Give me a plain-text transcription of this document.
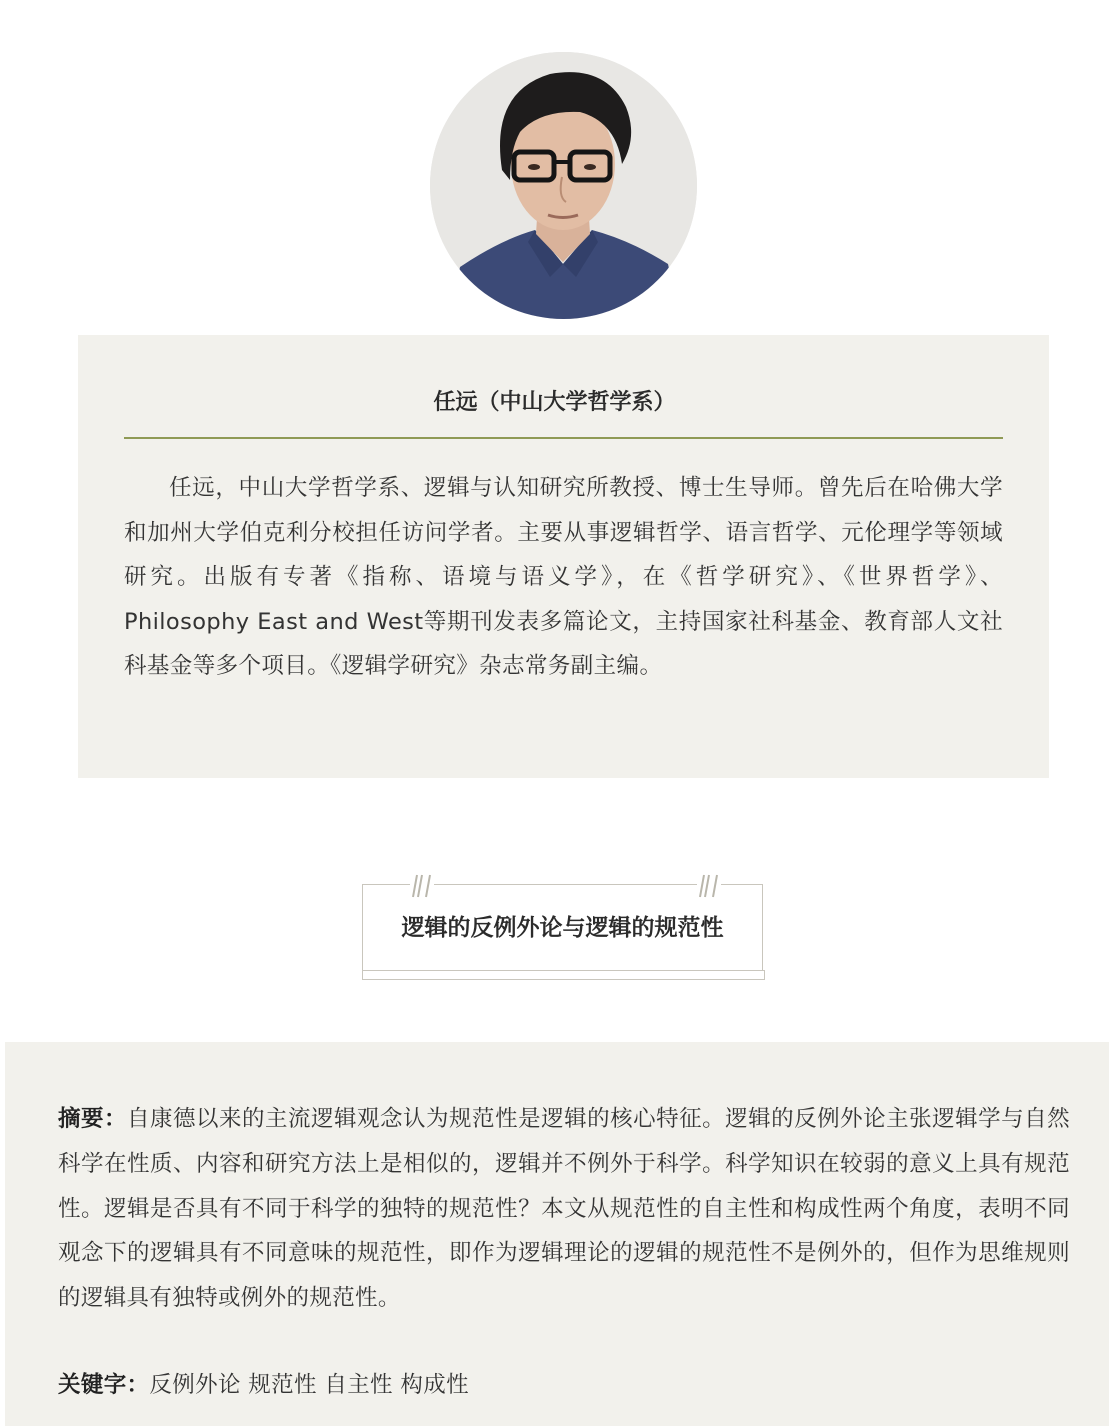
任远（中山大学哲学系）

任远，中山大学哲学系、逻辑与认知研究所教授、博士生导师。曾先后在哈佛大学和加州大学伯克利分校担任访问学者。主要从事逻辑哲学、语言哲学、元伦理学等领域研究。出版有专著《指称、语境与语义学》，在《哲学研究》、《世界哲学》、Philosophy East and West等期刊发表多篇论文，主持国家社科基金、教育部人文社科基金等多个项目。《逻辑学研究》杂志常务副主编。

逻辑的反例外论与逻辑的规范性

摘要：自康德以来的主流逻辑观念认为规范性是逻辑的核心特征。逻辑的反例外论主张逻辑学与自然科学在性质、内容和研究方法上是相似的，逻辑并不例外于科学。科学知识在较弱的意义上具有规范性。逻辑是否具有不同于科学的独特的规范性？本文从规范性的自主性和构成性两个角度，表明不同观念下的逻辑具有不同意味的规范性，即作为逻辑理论的逻辑的规范性不是例外的，但作为思维规则的逻辑具有独特或例外的规范性。

关键字：反例外论 规范性 自主性 构成性
